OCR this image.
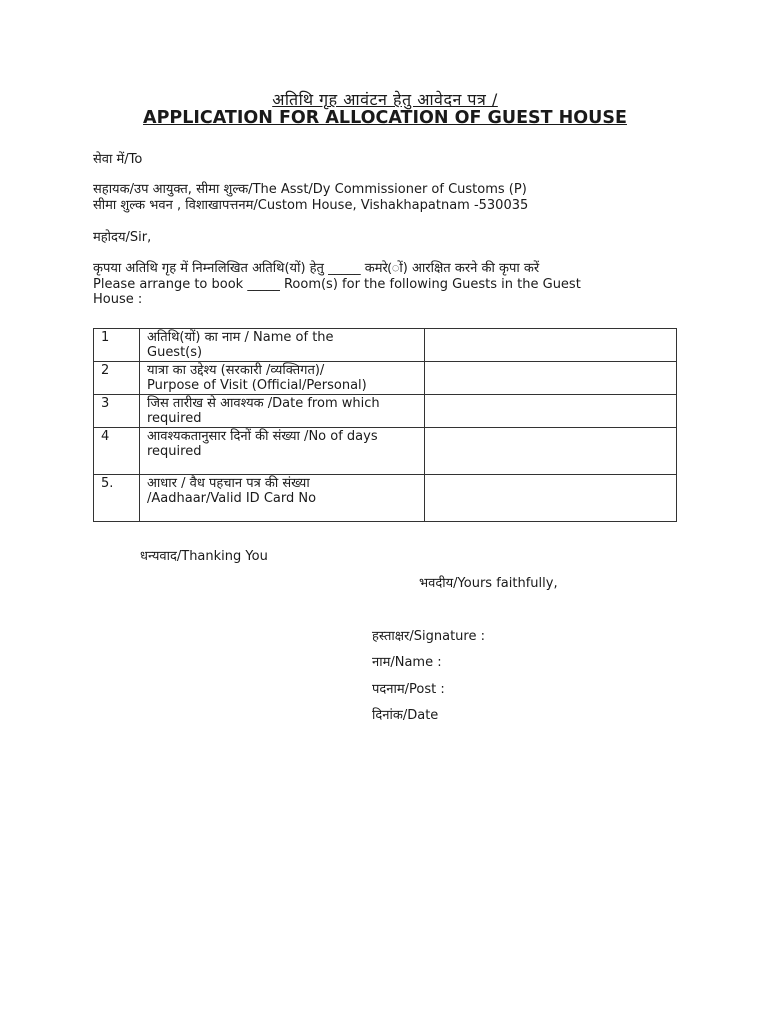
अतिथि गृह आवंटन हेतु आवेदन पत्र /
APPLICATION FOR ALLOCATION OF GUEST HOUSE
सेवा में/To
सहायक/उप आयुक्त, सीमा शुल्क/The Asst/Dy Commissioner of Customs (P)
सीमा शुल्क भवन , विशाखापत्तनम/Custom House, Vishakhapatnam -530035
महोदय/Sir,
कृपया अतिथि गृह में निम्नलिखित अतिथि(यों) हेतु _____ कमरे(ों) आरक्षित करने की कृपा करें
Please arrange to book _____ Room(s) for the following Guests in the Guest
House :
1	अतिथि(यों) का नाम / Name of the
Guest(s)	

2	यात्रा का उद्देश्य (सरकारी /व्यक्तिगत)/
Purpose of Visit (Official/Personal)	

3	जिस तारीख से आवश्यक /Date from which
required	

4	आवश्यकतानुसार दिनों की संख्या /No of days
required	

5.	आधार / वैध पहचान पत्र की संख्या
/Aadhaar/Valid ID Card No	

धन्यवाद/Thanking You
भवदीय/Yours faithfully,
हस्ताक्षर/Signature :
नाम/Name :
पदनाम/Post :
दिनांक/Date
